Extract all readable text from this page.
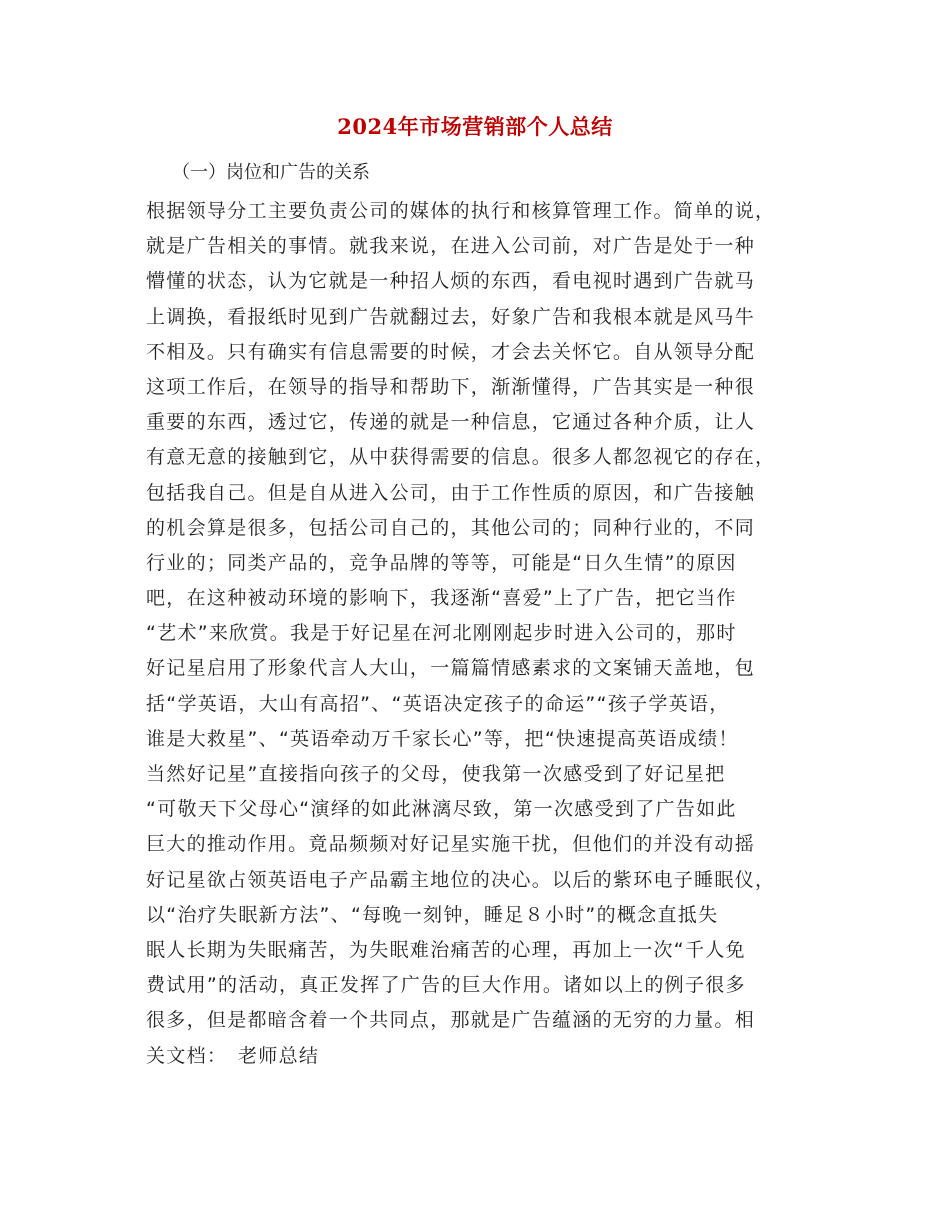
2024年市场营销部个人总结
（一）岗位和广告的关系
根据领导分工主要负责公司的媒体的执行和核算管理工作。简单的说，
就是广告相关的事情。就我来说，在进入公司前，对广告是处于一种
懵懂的状态，认为它就是一种招人烦的东西，看电视时遇到广告就马
上调换，看报纸时见到广告就翻过去，好象广告和我根本就是风马牛
不相及。只有确实有信息需要的时候，才会去关怀它。自从领导分配
这项工作后，在领导的指导和帮助下，渐渐懂得，广告其实是一种很
重要的东西，透过它，传递的就是一种信息，它通过各种介质，让人
有意无意的接触到它，从中获得需要的信息。很多人都忽视它的存在，
包括我自己。但是自从进入公司，由于工作性质的原因，和广告接触
的机会算是很多，包括公司自己的，其他公司的；同种行业的，不同
行业的；同类产品的，竞争品牌的等等，可能是“日久生情”的原因
吧，在这种被动环境的影响下，我逐渐“喜爱”上了广告，把它当作
“艺术”来欣赏。我是于好记星在河北刚刚起步时进入公司的，那时
好记星启用了形象代言人大山，一篇篇情感素求的文案铺天盖地，包
括“学英语，大山有高招”、“英语决定孩子的命运”“孩子学英语，
谁是大救星”、“英语牵动万千家长心”等，把“快速提高英语成绩！
当然好记星”直接指向孩子的父母，使我第一次感受到了好记星把
“可敬天下父母心“演绎的如此淋漓尽致，第一次感受到了广告如此
巨大的推动作用。竟品频频对好记星实施干扰，但他们的并没有动摇
好记星欲占领英语电子产品霸主地位的决心。以后的紫环电子睡眠仪，
以“治疗失眠新方法”、“每晚一刻钟，睡足８小时”的概念直抵失
眠人长期为失眠痛苦，为失眠难治痛苦的心理，再加上一次“千人免
费试用”的活动，真正发挥了广告的巨大作用。诸如以上的例子很多
很多，但是都暗含着一个共同点，那就是广告蕴涵的无穷的力量。相
关文档：　老师总结
